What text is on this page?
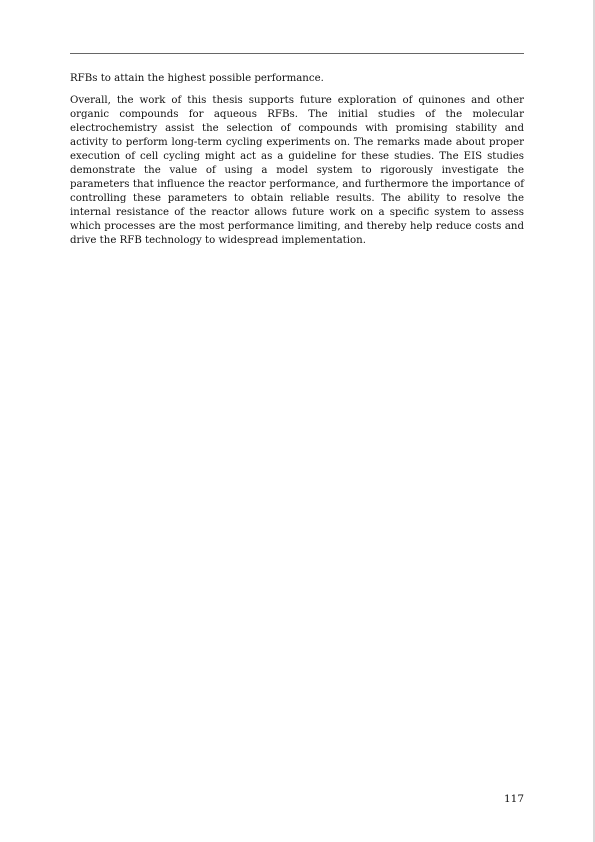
RFBs to attain the highest possible performance.

Overall, the work of this thesis supports future exploration of quinones and other organic compounds for aqueous RFBs. The initial studies of the molecular electrochemistry assist the selection of compounds with promising stability and activity to perform long-term cycling experiments on. The remarks made about proper execution of cell cycling might act as a guideline for these studies. The EIS studies demonstrate the value of using a model system to rigorously investigate the parameters that influence the reactor performance, and furthermore the importance of controlling these parameters to obtain reliable results. The ability to resolve the internal resistance of the reactor allows future work on a specific system to assess which processes are the most performance limiting, and thereby help reduce costs and drive the RFB technology to widespread implementation.

117
